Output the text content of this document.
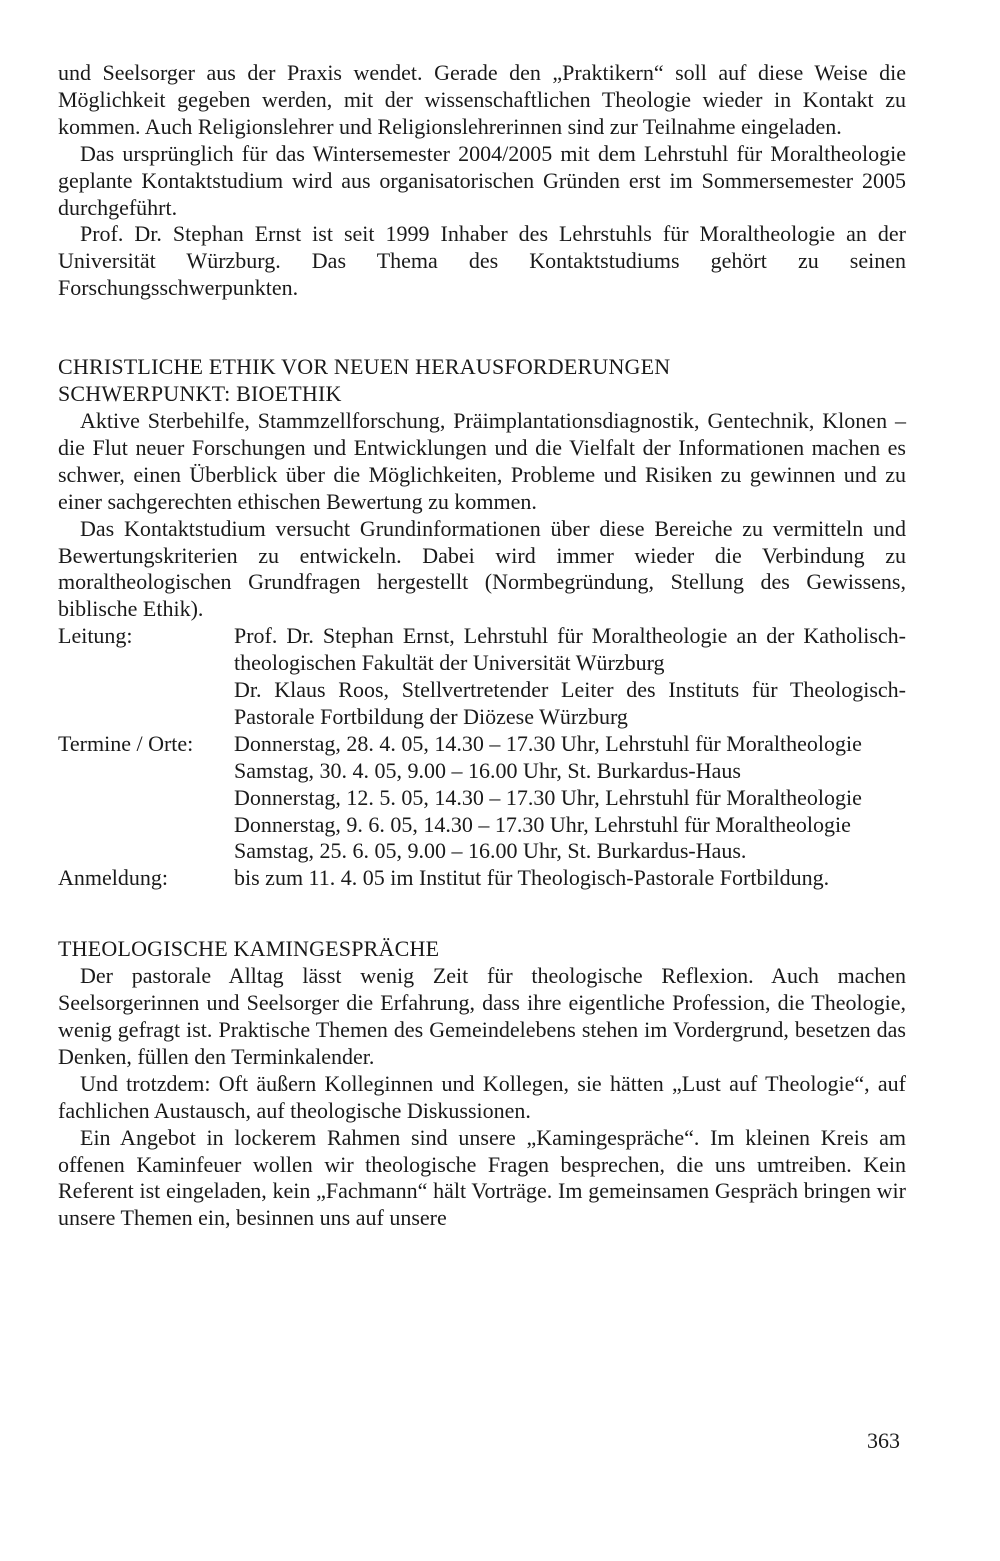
und Seelsorger aus der Praxis wendet. Gerade den „Praktikern“ soll auf diese Weise die Möglichkeit gegeben werden, mit der wissenschaftlichen Theologie wieder in Kontakt zu kommen. Auch Religionslehrer und Religionslehrerinnen sind zur Teilnahme eingeladen.

Das ursprünglich für das Wintersemester 2004/2005 mit dem Lehrstuhl für Moraltheologie geplante Kontaktstudium wird aus organisatorischen Gründen erst im Sommersemester 2005 durchgeführt.

Prof. Dr. Stephan Ernst ist seit 1999 Inhaber des Lehrstuhls für Moraltheologie an der Universität Würzburg. Das Thema des Kontaktstudiums gehört zu seinen Forschungsschwerpunkten.

CHRISTLICHE ETHIK VOR NEUEN HERAUSFORDERUNGEN
SCHWERPUNKT: BIOETHIK

Aktive Sterbehilfe, Stammzellforschung, Präimplantationsdiagnostik, Gentechnik, Klonen – die Flut neuer Forschungen und Entwicklungen und die Vielfalt der Informationen machen es schwer, einen Überblick über die Möglichkeiten, Probleme und Risiken zu gewinnen und zu einer sachgerechten ethischen Bewertung zu kommen.

Das Kontaktstudium versucht Grundinformationen über diese Bereiche zu vermitteln und Bewertungskriterien zu entwickeln. Dabei wird immer wieder die Verbindung zu moraltheologischen Grundfragen hergestellt (Normbegründung, Stellung des Gewissens, biblische Ethik).

Leitung:	Prof. Dr. Stephan Ernst, Lehrstuhl für Moraltheologie an der Katholisch-theologischen Fakultät der Universität Würzburg
Dr. Klaus Roos, Stellvertretender Leiter des Instituts für Theologisch-Pastorale Fortbildung der Diözese Würzburg
Termine / Orte:	Donnerstag, 28. 4. 05, 14.30 – 17.30 Uhr, Lehrstuhl für Moraltheologie
Samstag, 30. 4. 05, 9.00 – 16.00 Uhr, St. Burkardus-Haus
Donnerstag, 12. 5. 05, 14.30 – 17.30 Uhr, Lehrstuhl für Moraltheologie
Donnerstag, 9. 6. 05, 14.30 – 17.30 Uhr, Lehrstuhl für Moraltheologie
Samstag, 25. 6. 05, 9.00 – 16.00 Uhr, St. Burkardus-Haus.
Anmeldung:	bis zum 11. 4. 05 im Institut für Theologisch-Pastorale Fortbildung.
THEOLOGISCHE KAMINGESPRÄCHE

Der pastorale Alltag lässt wenig Zeit für theologische Reflexion. Auch machen Seelsorgerinnen und Seelsorger die Erfahrung, dass ihre eigentliche Profession, die Theologie, wenig gefragt ist. Praktische Themen des Gemeindelebens stehen im Vordergrund, besetzen das Denken, füllen den Terminkalender.

Und trotzdem: Oft äußern Kolleginnen und Kollegen, sie hätten „Lust auf Theologie“, auf fachlichen Austausch, auf theologische Diskussionen.

Ein Angebot in lockerem Rahmen sind unsere „Kamingespräche“. Im kleinen Kreis am offenen Kaminfeuer wollen wir theologische Fragen besprechen, die uns umtreiben. Kein Referent ist eingeladen, kein „Fachmann“ hält Vorträge. Im gemeinsamen Gespräch bringen wir unsere Themen ein, besinnen uns auf unsere

363
